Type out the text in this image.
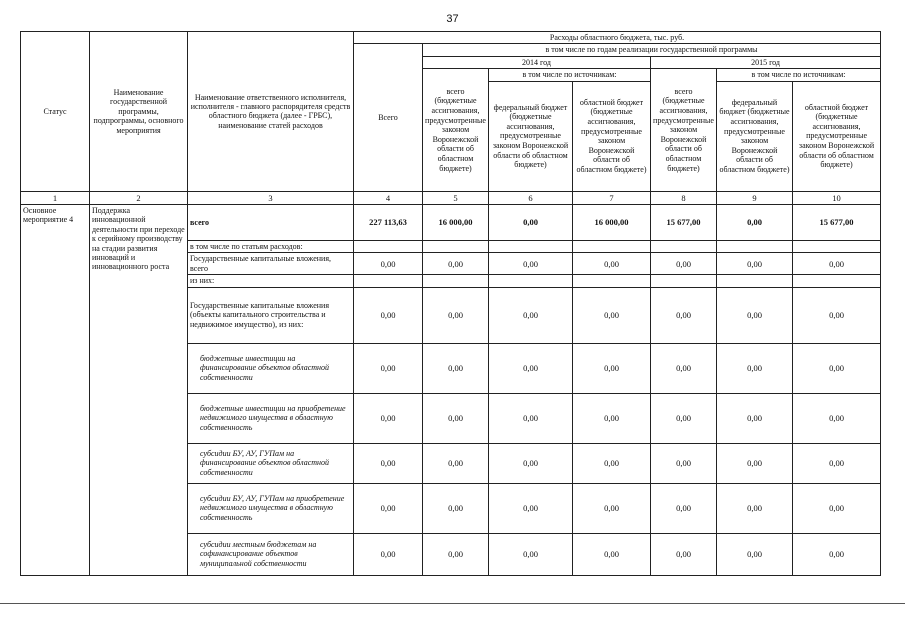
37
Статус	Наименование государственной программы, подпрограммы, основного мероприятия	Наименование ответственного исполнителя, исполнителя - главного распорядителя средств областного бюджета (далее - ГРБС), наименование статей расходов	Расходы областного бюджета, тыс. руб.						
			Всего	в том числе по годам реализации государственной программы					
				2014 год			2015 год		
				всего (бюджетные ассигнования, предусмотренные законом Воронежской области об областном бюджете)	в том числе по источникам:		всего (бюджетные ассигнования, предусмотренные законом Воронежской области об областном бюджете)	в том числе по источникам:	
					федеральный бюджет (бюджетные ассигнования, предусмотренные законом Воронежской области об областном бюджете)	областной бюджет (бюджетные ассигнования, предусмотренные законом Воронежской области об областном бюджете)		федеральный бюджет (бюджетные ассигнования, предусмотренные законом Воронежской области об областном бюджете)	областной бюджет (бюджетные ассигнования, предусмотренные законом Воронежской области об областном бюджете)
1	2	3	4	5	6	7	8	9	10
Основное мероприятие 4	Поддержка инновационной деятельности при переходе к серийному производству на стадии развития инноваций и инновационного роста	всего	227 113,63	16 000,00	0,00	16 000,00	15 677,00	0,00	15 677,00
		в том числе по статьям расходов:							
		Государственные капитальные вложения, всего	0,00	0,00	0,00	0,00	0,00	0,00	0,00
		из них:							
		Государственные капитальные вложения (объекты капитального строительства и недвижимое имущество), из них:	0,00	0,00	0,00	0,00	0,00	0,00	0,00
		бюджетные инвестиции на финансирование объектов областной собственности	0,00	0,00	0,00	0,00	0,00	0,00	0,00
		бюджетные инвестиции на приобретение недвижимого имущества в областную собственность	0,00	0,00	0,00	0,00	0,00	0,00	0,00
		субсидии БУ, АУ, ГУПам на финансирование объектов областной собственности	0,00	0,00	0,00	0,00	0,00	0,00	0,00
		субсидии БУ, АУ, ГУПам на приобретение недвижимого имущества в областную собственность	0,00	0,00	0,00	0,00	0,00	0,00	0,00
		субсидии местным бюджетам на софинансирование объектов муниципальной собственности	0,00	0,00	0,00	0,00	0,00	0,00	0,00
